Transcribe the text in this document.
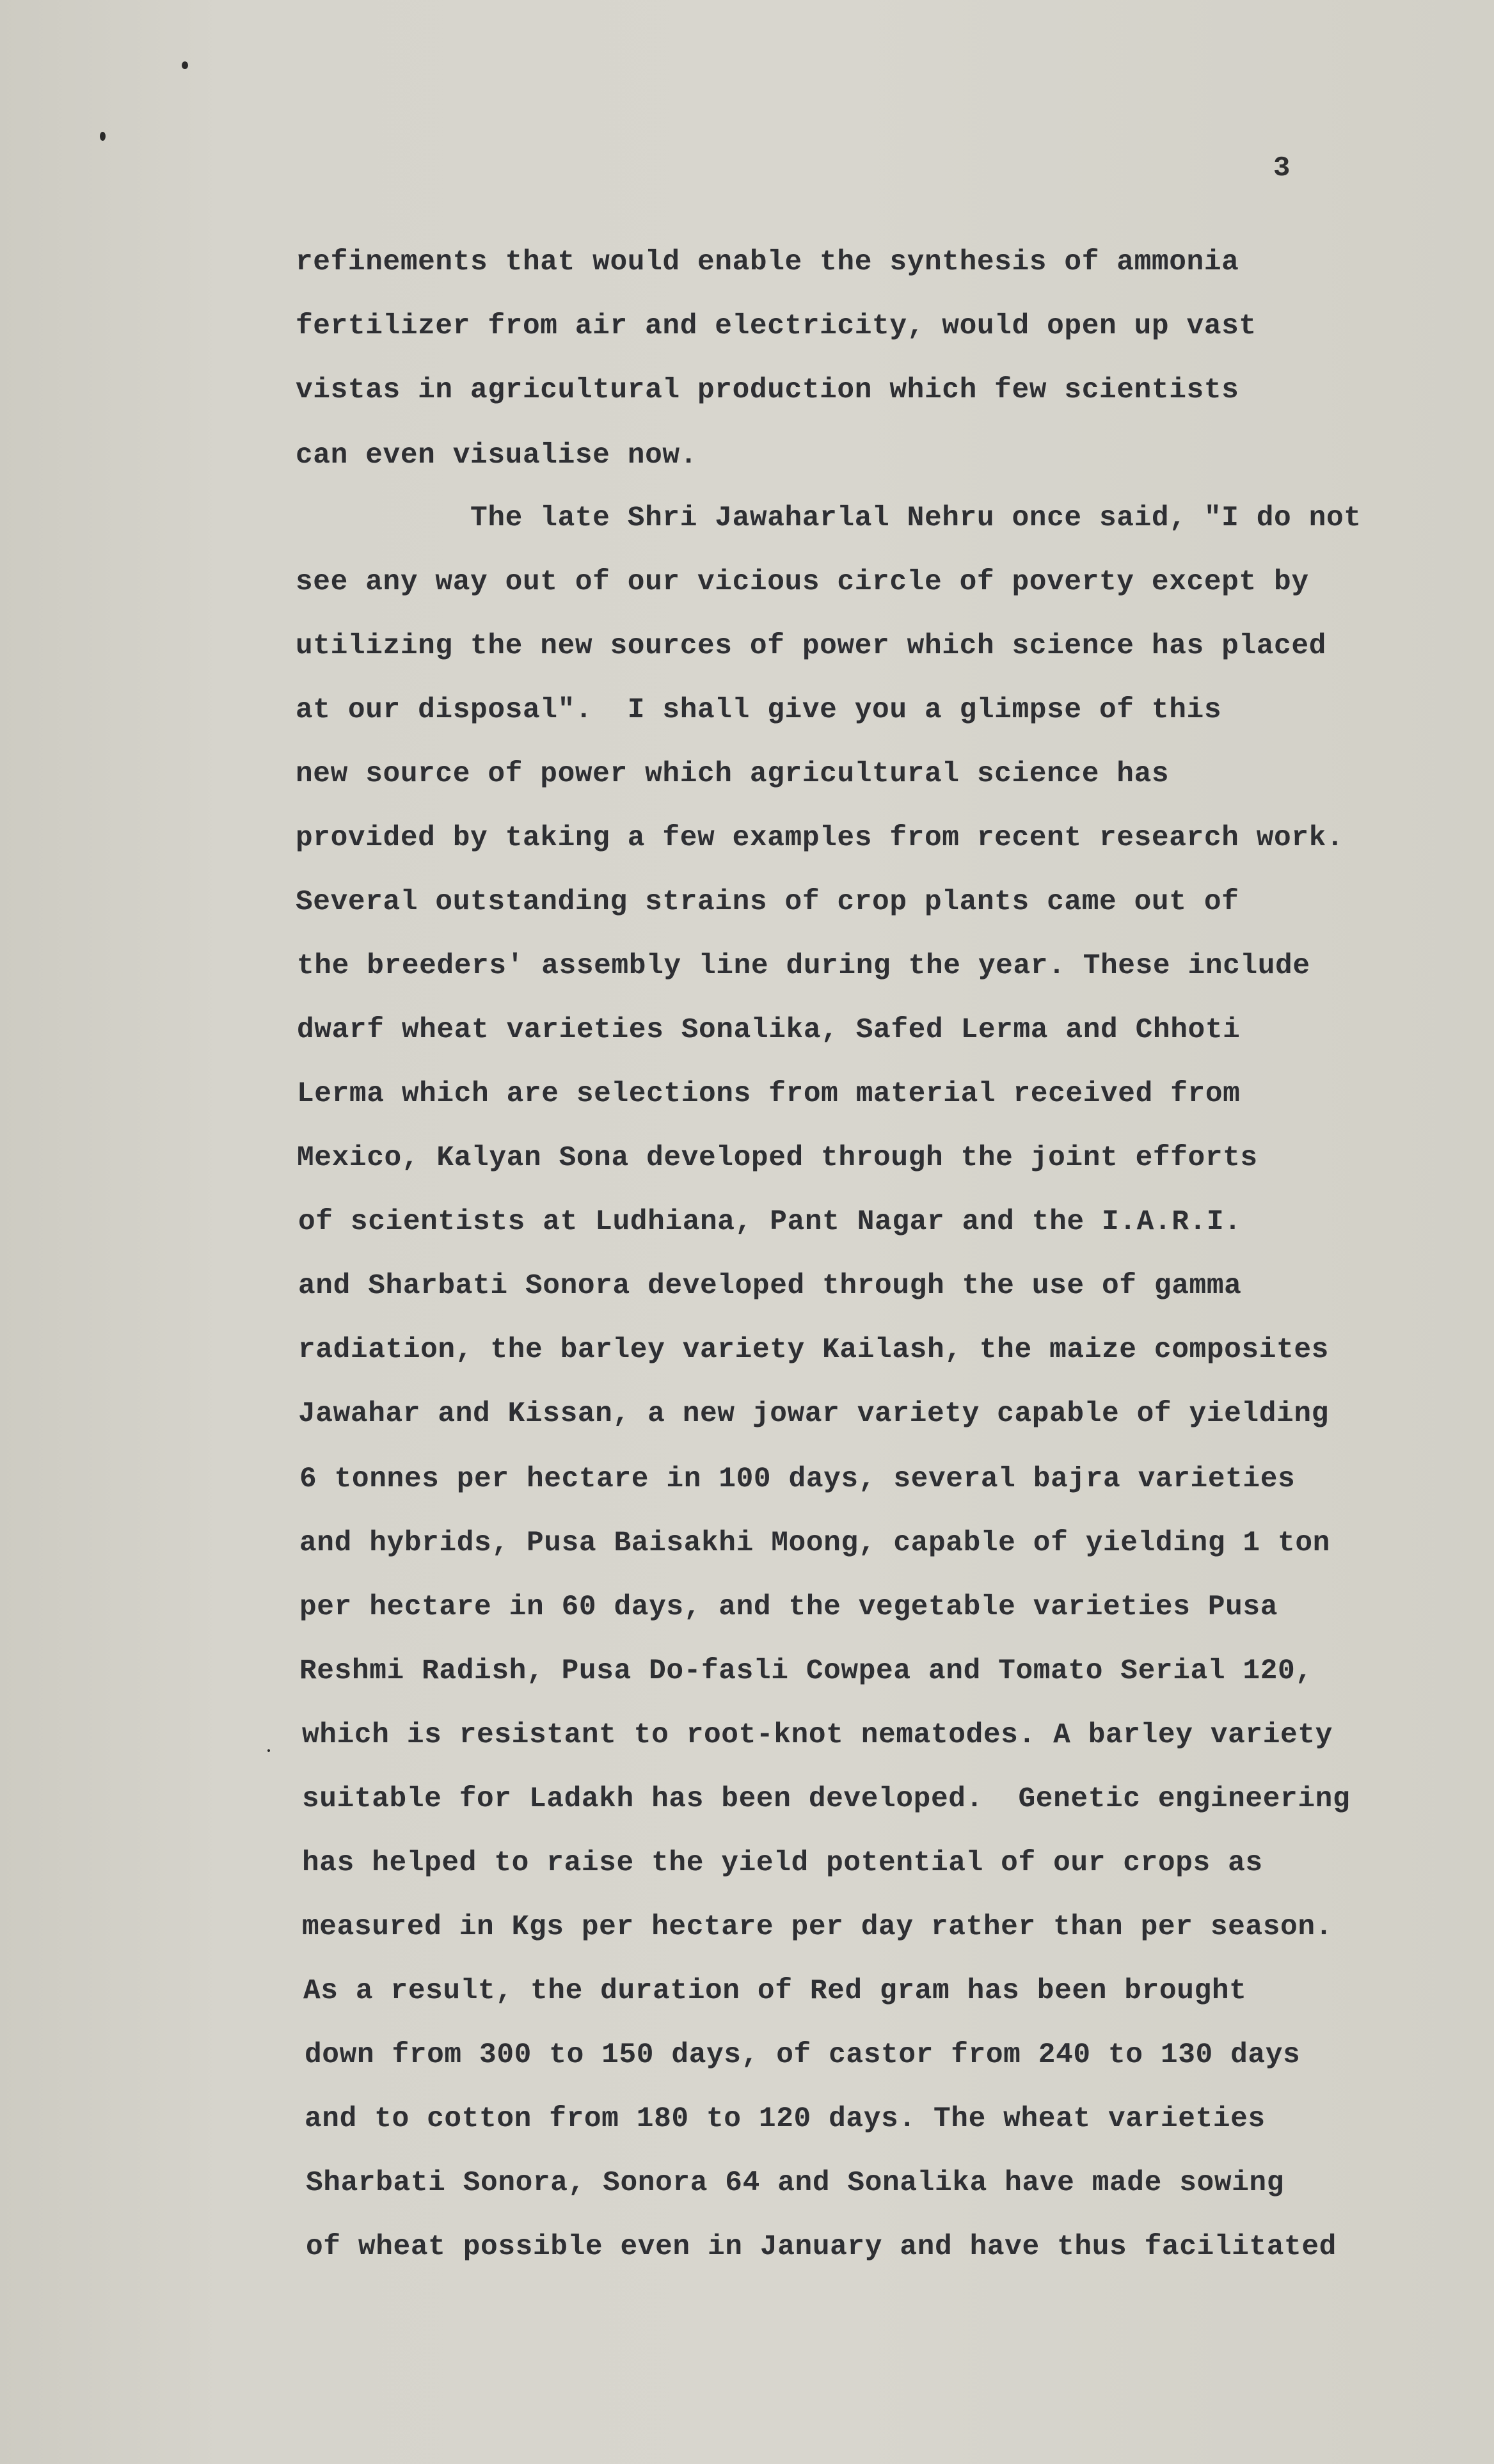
3

refinements that would enable the synthesis of ammonia

fertilizer from air and electricity, would open up vast

vistas in agricultural production which few scientists

can even visualise now.

The late Shri Jawaharlal Nehru once said, "I do not

see any way out of our vicious circle of poverty except by

utilizing the new sources of power which science has placed

at our disposal".  I shall give you a glimpse of this

new source of power which agricultural science has

provided by taking a few examples from recent research work.

Several outstanding strains of crop plants came out of

the breeders' assembly line during the year. These include

dwarf wheat varieties Sonalika, Safed Lerma and Chhoti

Lerma which are selections from material received from

Mexico, Kalyan Sona developed through the joint efforts

of scientists at Ludhiana, Pant Nagar and the I.A.R.I.

and Sharbati Sonora developed through the use of gamma

radiation, the barley variety Kailash, the maize composites

Jawahar and Kissan, a new jowar variety capable of yielding

6 tonnes per hectare in 100 days, several bajra varieties

and hybrids, Pusa Baisakhi Moong, capable of yielding 1 ton

per hectare in 60 days, and the vegetable varieties Pusa

Reshmi Radish, Pusa Do-fasli Cowpea and Tomato Serial 120,

which is resistant to root-knot nematodes. A barley variety

suitable for Ladakh has been developed.  Genetic engineering

has helped to raise the yield potential of our crops as

measured in Kgs per hectare per day rather than per season.

As a result, the duration of Red gram has been brought

down from 300 to 150 days, of castor from 240 to 130 days

and to cotton from 180 to 120 days. The wheat varieties

Sharbati Sonora, Sonora 64 and Sonalika have made sowing

of wheat possible even in January and have thus facilitated
